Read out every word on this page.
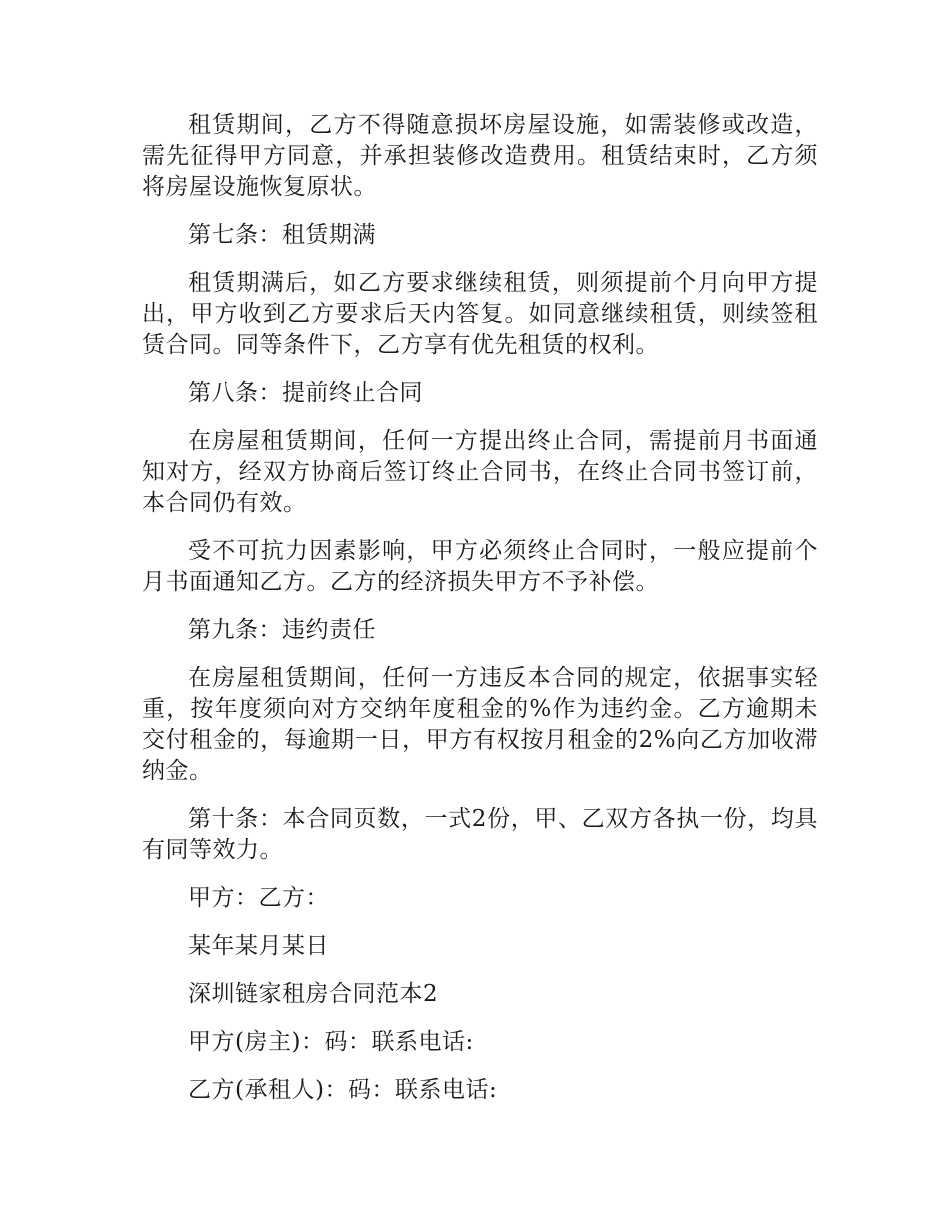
租赁期间，乙方不得随意损坏房屋设施，如需装修或改造，需先征得甲方同意，并承担装修改造费用。租赁结束时，乙方须将房屋设施恢复原状。

第七条：租赁期满

租赁期满后，如乙方要求继续租赁，则须提前个月向甲方提出，甲方收到乙方要求后天内答复。如同意继续租赁，则续签租赁合同。同等条件下，乙方享有优先租赁的权利。

第八条：提前终止合同

在房屋租赁期间，任何一方提出终止合同，需提前月书面通知对方，经双方协商后签订终止合同书，在终止合同书签订前，本合同仍有效。

受不可抗力因素影响，甲方必须终止合同时，一般应提前个月书面通知乙方。乙方的经济损失甲方不予补偿。

第九条：违约责任

在房屋租赁期间，任何一方违反本合同的规定，依据事实轻重，按年度须向对方交纳年度租金的%作为违约金。乙方逾期未交付租金的，每逾期一日，甲方有权按月租金的2%向乙方加收滞纳金。

第十条：本合同页数，一式2份，甲、乙双方各执一份，均具有同等效力。

甲方：乙方：

某年某月某日

深圳链家租房合同范本2

甲方(房主)：码：联系电话:

乙方(承租人)：码：联系电话:
